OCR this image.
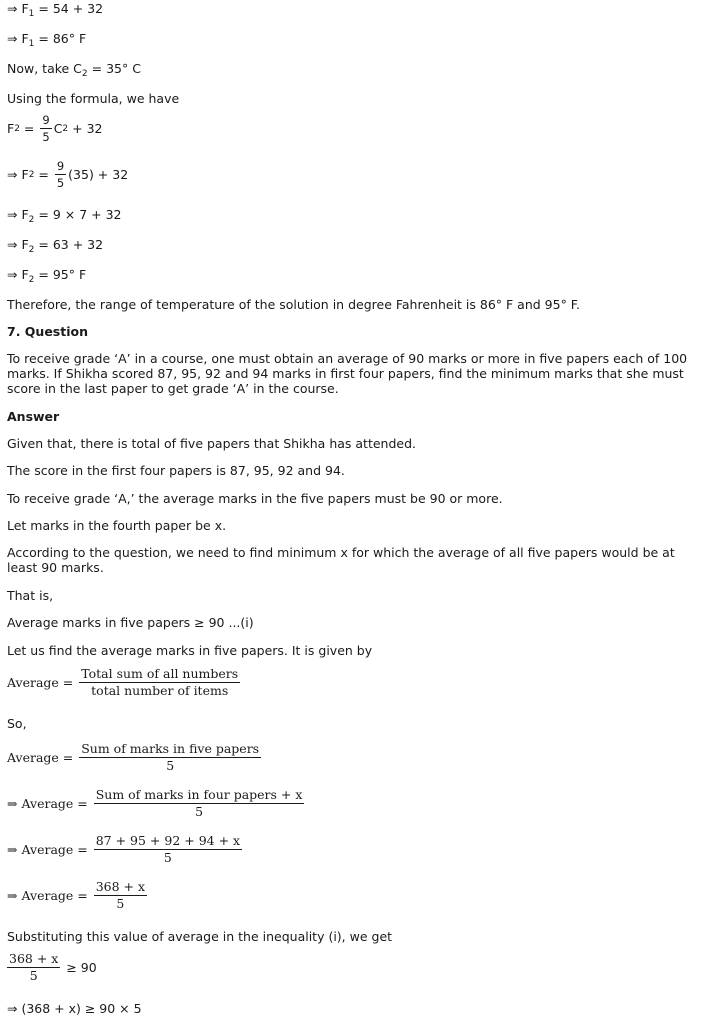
⇒ $F_1 = 54 + 32$
⇒ $F_1 = 86^\circ$ F
Now, take $C_2 = 35^\circ$ C
Using the formula, we have
F $2 = \frac{9}{5}$ C 2 + 32
⇒ F $2 = \frac{9}{5} (35) + 32$
⇒ $F_2 = 9 \times 7 + 32$
⇒ $F_2 = 63 + 32$
⇒ $F_2 = 95^\circ$ F
Therefore, the range of temperature of the solution in degree Fahrenheit is 86° F and 95° F.
7. Question
To receive grade ‘A’ in a course, one must obtain an average of 90 marks or more in five papers each of 100 marks. If Shikha scored 87, 95, 92 and 94 marks in first four papers, find the minimum marks that she must score in the last paper to get grade ‘A’ in the course.
Answer
Given that, there is total of five papers that Shikha has attended.
The score in the first four papers is 87, 95, 92 and 94.
To receive grade ‘A,’ the average marks in the five papers must be 90 or more.
Let marks in the fourth paper be x.
According to the question, we need to find minimum x for which the average of all five papers would be at least 90 marks.
That is,
Average marks in five papers ≥ 90 ...(i)
Let us find the average marks in five papers. It is given by
Average = $\frac{\text{Total sum of all numbers}}{\text{total number of items}}$
So,
Average = $\frac{\text{Sum of marks in five papers}}{5}$
⇒ Average = $\frac{\text{Sum of marks in four papers + x}}{5}$
⇒ Average = $\frac{87 + 95 + 92 + 94 + x}{5}$
⇒ Average = $\frac{368 + x}{5}$
Substituting this value of average in the inequality (i), we get
$\frac{368 + x}{5} \ge 90$
⇒ (368 + x) ≥ 90 × 5
